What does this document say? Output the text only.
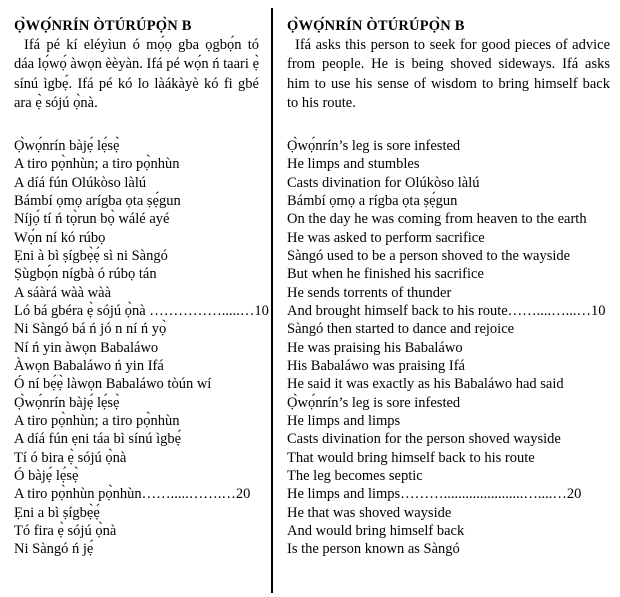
Ọ̀WỌ́NRÍN ÒTÚRÚPỌ̀N B

Ifá pé kí eléyìun ó mọ́ọ gba ọgbọ́n tó dáa lọ́wọ́ àwọn èèyàn. Ifá pé wọ́n ń taari ẹ̀ sínú ìgbẹ́. Ifá pé kó lo làákàyè kó fi gbé ara ẹ̀ sójú ọ̀nà.

Ọ̀wọ́nrín bàjẹ́ lẹ́sẹ̀
A tiro pọ̀nhùn; a tiro pọ̀nhùn
A díá fún Olúkòso làlú
Bámbí ọmọ arígba ọta ṣẹ́gun
Níjọ́ tí ń tọ̀run bọ̀ wálé ayé
Wọ́n ní kó rúbọ
Ẹni à bì ṣígbẹ̀ẹ́ sì ni Sàngó
Ṣùgbọ́n nígbà ó rúbọ tán
A sáàrá wàà wàà
Ló bá gbéra ẹ̀ sójú ọ̀nà …………….....…10
Ni Sàngó bá ń jó n ní ń yọ̀
Ní ń yin àwọn Babaláwo
Àwọn Babaláwo ń yin Ifá
Ó ní bẹ́ẹ̀ làwọn Babaláwo tòún wí
Ọ̀wọ́nrín bàjẹ́ lẹ́sẹ̀
A tiro pọ̀nhùn; a tiro pọ̀nhùn
A díá fún ẹni táa bì sínú ìgbẹ́
Tí ó bira ẹ̀ sójú ọ̀nà
Ó bàjẹ́ lẹ́sẹ̀
A tiro pọ̀nhùn pọ̀nhùn…….....…….…20
Ẹni a bì ṣígbẹ̀ẹ́
Tó fira ẹ̀ sójú ọ̀nà
Ni Sàngó ń jẹ́
Ọ̀WỌ́NRÍN ÒTÚRÚPỌ̀N B

Ifá asks this person to seek for good pieces of advice from people. He is being shoved sideways. Ifá asks him to use his sense of wisdom to bring himself back to his route.

Ọ̀wọ́nrín’s leg is sore infested
He limps and stumbles
Casts divination for Olúkòso làlú
Bámbí ọmọ a rígba ọta ṣẹ́gun
On the day he was coming from heaven to the earth
He was asked to perform sacrifice
Sàngó used to be a person shoved to the wayside
But when he finished his sacrifice
He sends torrents of thunder
And brought himself back to his route……....…...…10
Sàngó then started to dance and rejoice
He was praising his Babaláwo
His Babaláwo was praising Ifá
He said it was exactly as his Babaláwo had said
Ọ̀wọ́nrín’s leg is sore infested
He limps and limps
Casts divination for the person shoved wayside
That would bring himself back to his route
The leg becomes septic
He limps and limps………......................…....…20
He that was shoved wayside
And would bring himself back
Is the person known as Sàngó
